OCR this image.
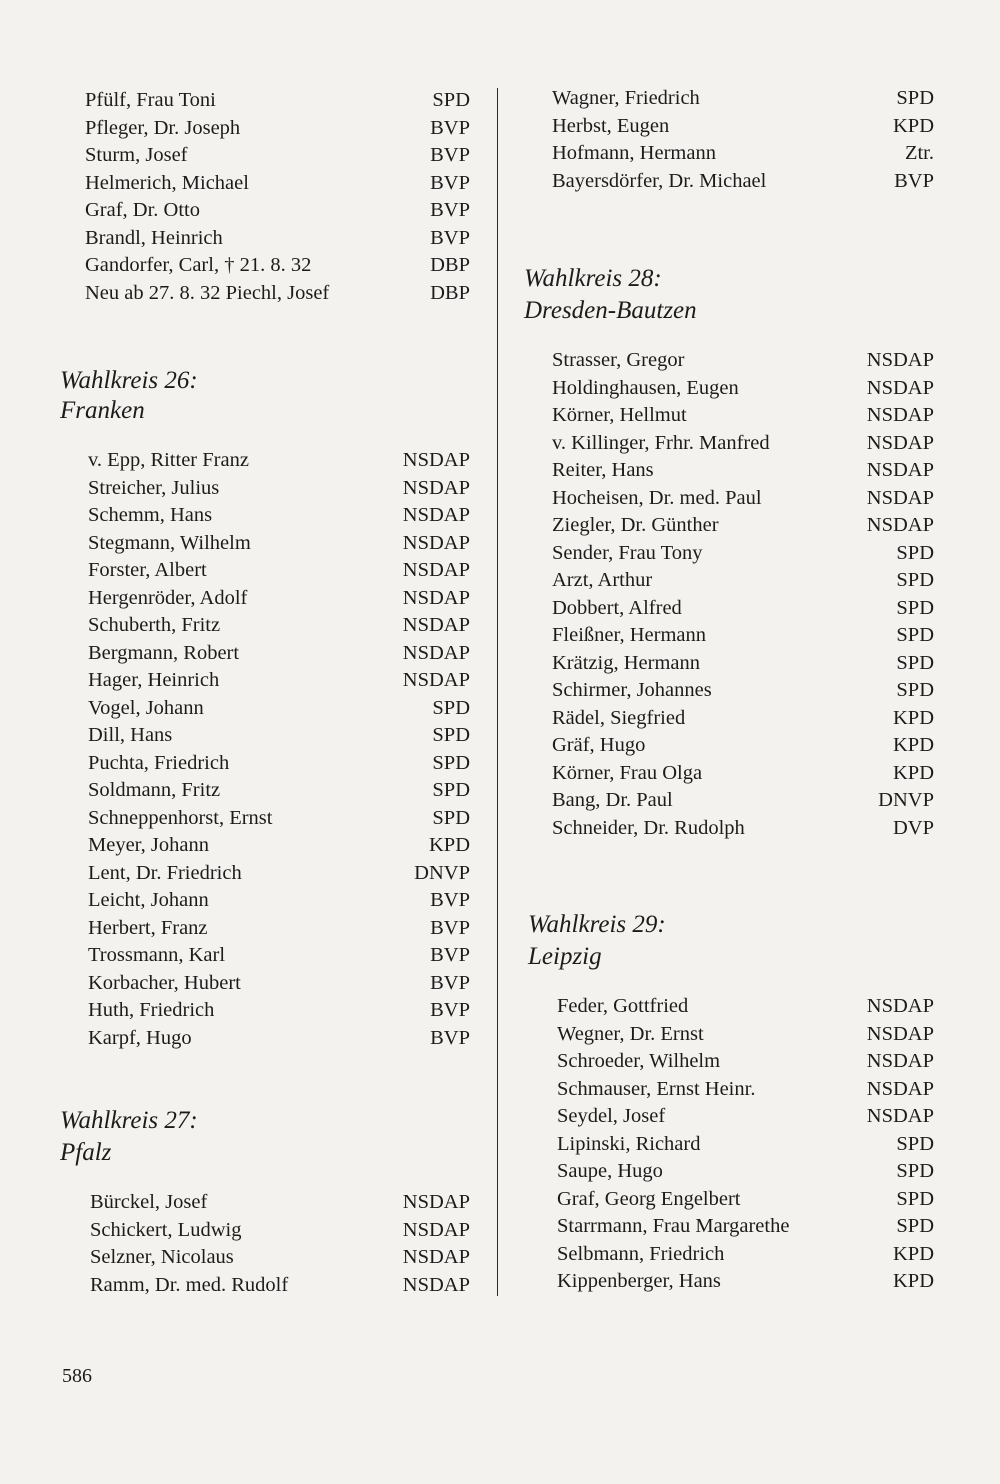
Pfülf, Frau Toni	SPD
Pfleger, Dr. Joseph	BVP
Sturm, Josef	BVP
Helmerich, Michael	BVP
Graf, Dr. Otto	BVP
Brandl, Heinrich	BVP
Gandorfer, Carl, † 21. 8. 32	DBP
Neu ab 27. 8. 32 Piechl, Josef	DBP
Wahlkreis 26:
Franken
v. Epp, Ritter Franz	NSDAP
Streicher, Julius	NSDAP
Schemm, Hans	NSDAP
Stegmann, Wilhelm	NSDAP
Forster, Albert	NSDAP
Hergenröder, Adolf	NSDAP
Schuberth, Fritz	NSDAP
Bergmann, Robert	NSDAP
Hager, Heinrich	NSDAP
Vogel, Johann	SPD
Dill, Hans	SPD
Puchta, Friedrich	SPD
Soldmann, Fritz	SPD
Schneppenhorst, Ernst	SPD
Meyer, Johann	KPD
Lent, Dr. Friedrich	DNVP
Leicht, Johann	BVP
Herbert, Franz	BVP
Trossmann, Karl	BVP
Korbacher, Hubert	BVP
Huth, Friedrich	BVP
Karpf, Hugo	BVP
Wahlkreis 27:
Pfalz
Bürckel, Josef	NSDAP
Schickert, Ludwig	NSDAP
Selzner, Nicolaus	NSDAP
Ramm, Dr. med. Rudolf	NSDAP
Wagner, Friedrich	SPD
Herbst, Eugen	KPD
Hofmann, Hermann	Ztr.
Bayersdörfer, Dr. Michael	BVP
Wahlkreis 28:
Dresden-Bautzen
Strasser, Gregor	NSDAP
Holdinghausen, Eugen	NSDAP
Körner, Hellmut	NSDAP
v. Killinger, Frhr. Manfred	NSDAP
Reiter, Hans	NSDAP
Hocheisen, Dr. med. Paul	NSDAP
Ziegler, Dr. Günther	NSDAP
Sender, Frau Tony	SPD
Arzt, Arthur	SPD
Dobbert, Alfred	SPD
Fleißner, Hermann	SPD
Krätzig, Hermann	SPD
Schirmer, Johannes	SPD
Rädel, Siegfried	KPD
Gräf, Hugo	KPD
Körner, Frau Olga	KPD
Bang, Dr. Paul	DNVP
Schneider, Dr. Rudolph	DVP
Wahlkreis 29:
Leipzig
Feder, Gottfried	NSDAP
Wegner, Dr. Ernst	NSDAP
Schroeder, Wilhelm	NSDAP
Schmauser, Ernst Heinr.	NSDAP
Seydel, Josef	NSDAP
Lipinski, Richard	SPD
Saupe, Hugo	SPD
Graf, Georg Engelbert	SPD
Starrmann, Frau Margarethe	SPD
Selbmann, Friedrich	KPD
Kippenberger, Hans	KPD
586
